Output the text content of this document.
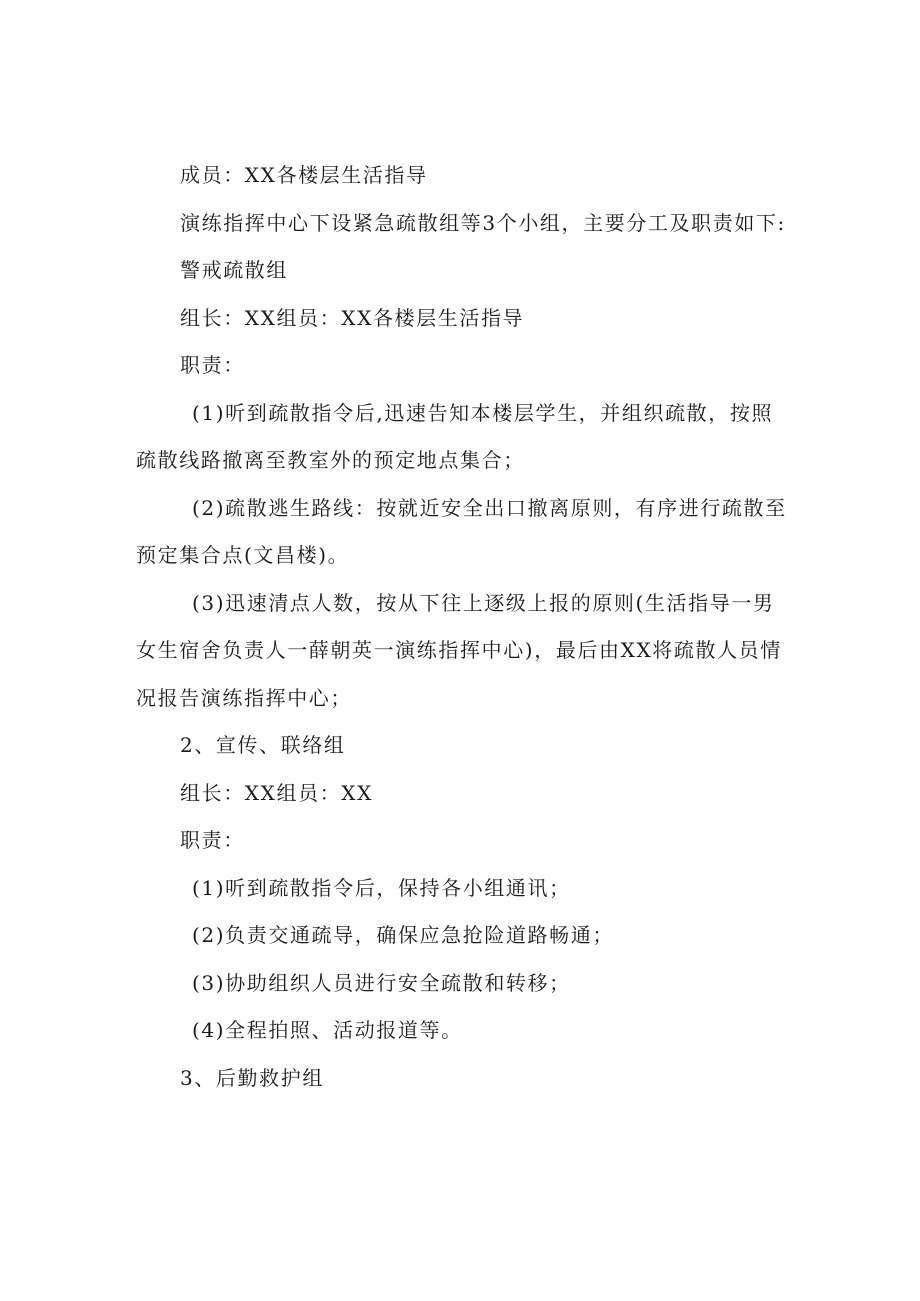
成员：XX各楼层生活指导

演练指挥中心下设紧急疏散组等3个小组，主要分工及职责如下:

警戒疏散组

组长：XX组员：XX各楼层生活指导

职责：

(1)听到疏散指令后,迅速告知本楼层学生，并组织疏散，按照疏散线路撤离至教室外的预定地点集合；

(2)疏散逃生路线：按就近安全出口撤离原则，有序进行疏散至预定集合点(文昌楼)。

(3)迅速清点人数，按从下往上逐级上报的原则(生活指导一男女生宿舍负责人一薛朝英一演练指挥中心)，最后由XX将疏散人员情况报告演练指挥中心；

2、宣传、联络组

组长：XX组员：XX

职责：

(1)听到疏散指令后，保持各小组通讯；

(2)负责交通疏导，确保应急抢险道路畅通；

(3)协助组织人员进行安全疏散和转移；

(4)全程拍照、活动报道等。

3、后勤救护组
